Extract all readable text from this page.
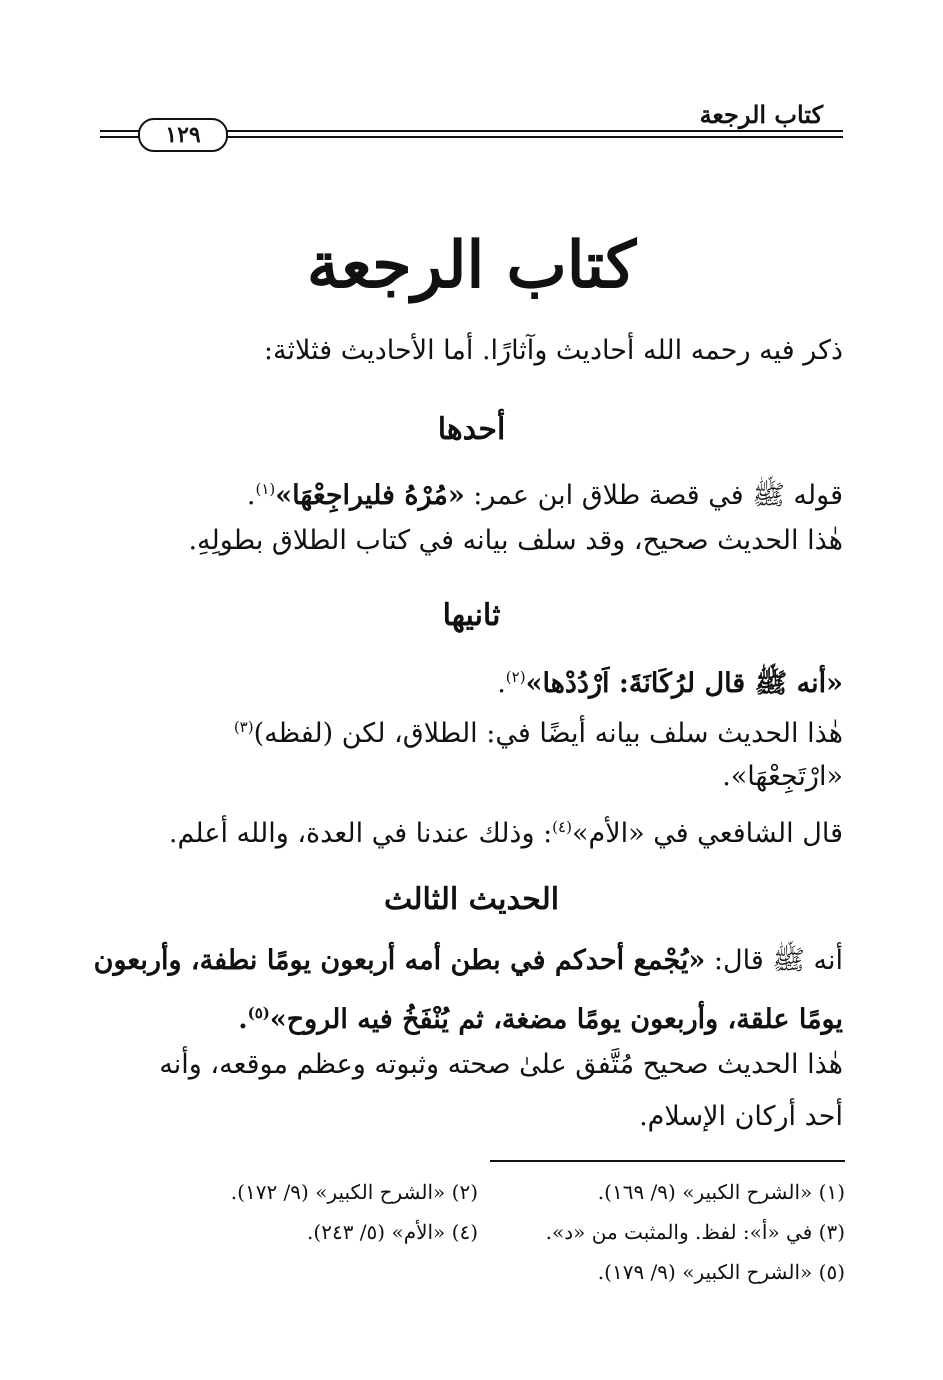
كتاب الرجعة
١٢٩
كتاب الرجعة
ذكر فيه رحمه الله أحاديث وآثارًا. أما الأحاديث فثلاثة:
أحدها
قوله ﷺ في قصة طلاق ابن عمر: «مُرْهُ فليراجِعْهَا»$^{(١)}$.
هٰذا الحديث صحيح، وقد سلف بيانه في كتاب الطلاق بطولِهِ.
ثانيها
«أنه ﷺ قال لرُكَانَةَ: اَرْدُدْها»$^{(٢)}$.
هٰذا الحديث سلف بيانه أيضًا في: الطلاق، لكن (لفظه)$^{(٣)}$
«ارْتَجِعْهَا».
قال الشافعي في «الأم»$^{(٤)}$: وذلك عندنا في العدة، والله أعلم.
الحديث الثالث
أنه ﷺ قال: «يُجْمع أحدكم في بطن أمه أربعون يومًا نطفة، وأربعون
يومًا علقة، وأربعون يومًا مضغة، ثم يُنْفَخُ فيه الروح»$^{(٥)}$.
هٰذا الحديث صحيح مُتَّفق علىٰ صحته وثبوته وعظم موقعه، وأنه
أحد أركان الإسلام.
(١) «الشرح الكبير» (٩/ ١٦٩).
(٢) «الشرح الكبير» (٩/ ١٧٢).
(٣) في «أ»: لفظ. والمثبت من «د».
(٤) «الأم» (٥/ ٢٤٣).
(٥) «الشرح الكبير» (٩/ ١٧٩).
